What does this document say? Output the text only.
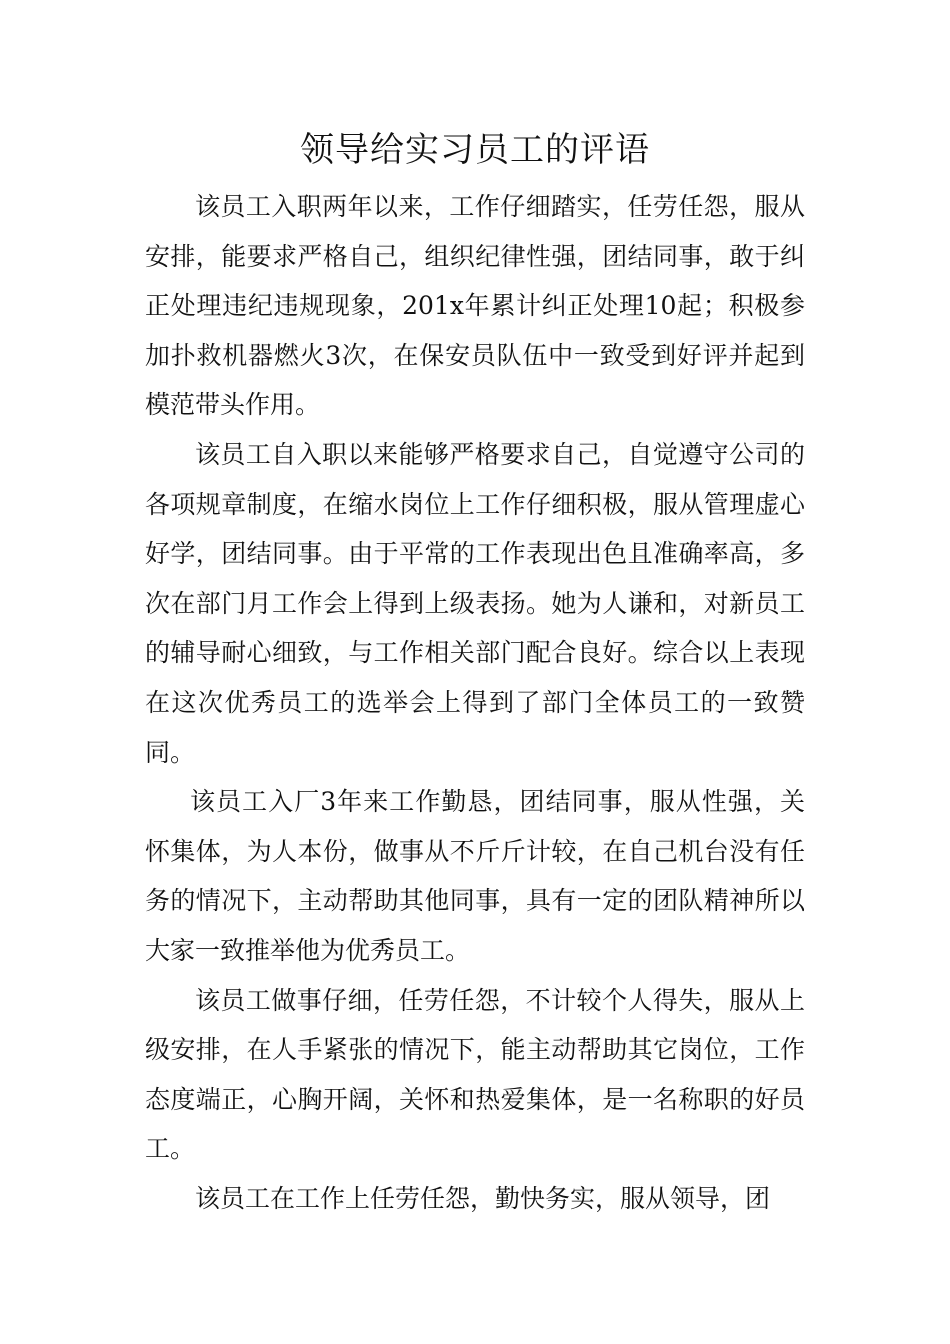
领导给实习员工的评语

该员工入职两年以来，工作仔细踏实，任劳任怨，服从安排，能要求严格自己，组织纪律性强，团结同事，敢于纠正处理违纪违规现象，201x年累计纠正处理10起；积极参加扑救机器燃火3次，在保安员队伍中一致受到好评并起到模范带头作用。

该员工自入职以来能够严格要求自己，自觉遵守公司的各项规章制度，在缩水岗位上工作仔细积极，服从管理虚心好学，团结同事。由于平常的工作表现出色且准确率高，多次在部门月工作会上得到上级表扬。她为人谦和，对新员工的辅导耐心细致，与工作相关部门配合良好。综合以上表现在这次优秀员工的选举会上得到了部门全体员工的一致赞同。

该员工入厂3年来工作勤恳，团结同事，服从性强，关怀集体，为人本份，做事从不斤斤计较，在自己机台没有任务的情况下，主动帮助其他同事，具有一定的团队精神所以大家一致推举他为优秀员工。

该员工做事仔细，任劳任怨，不计较个人得失，服从上级安排，在人手紧张的情况下，能主动帮助其它岗位，工作态度端正，心胸开阔，关怀和热爱集体，是一名称职的好员工。

该员工在工作上任劳任怨，勤快务实，服从领导，团
